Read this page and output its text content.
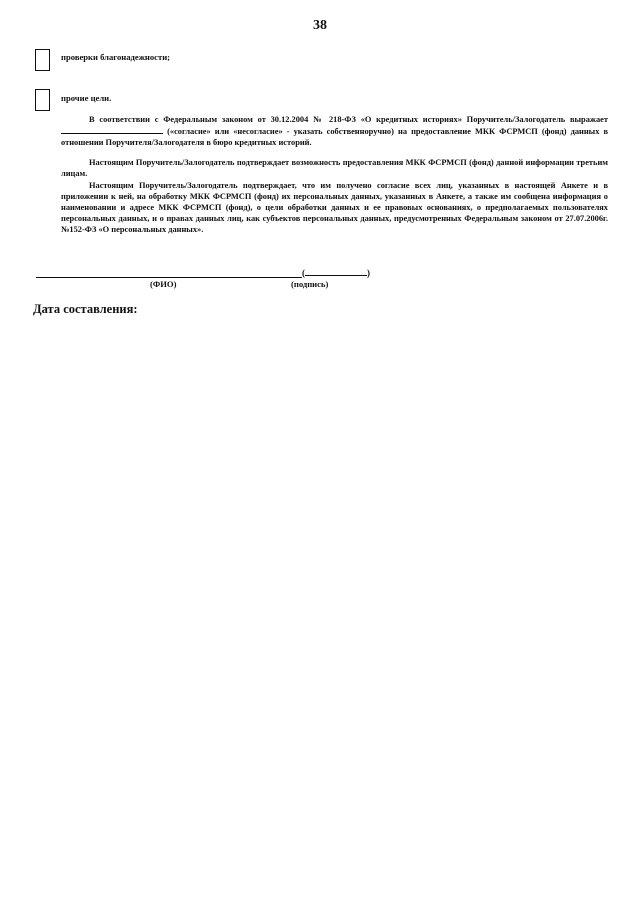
38
проверки благонадежности;
прочие цели.
В соответствии с Федеральным законом от 30.12.2004 № 218-ФЗ «О кредитных историях» Поручитель/Залогодатель выражает  («согласие» или «несогласие» - указать собственноручно) на предоставление МКК ФСРМСП (фонд) данных в отношении Поручителя/Залогодателя в бюро кредитных историй.
Настоящим Поручитель/Залогодатель подтверждает возможность предоставления МКК ФСРМСП (фонд) данной информации третьим лицам.
Настоящим Поручитель/Залогодатель подтверждает, что им получено согласие всех лиц, указанных в настоящей Анкете и в приложении к ней, на обработку МКК ФСРМСП (фонд) их персональных данных, указанных в Анкете, а также им сообщена информация о наименовании и адресе МКК ФСРМСП (фонд), о цели обработки данных и ее правовых основаниях, о предполагаемых пользователях персональных данных, и о правах данных лиц, как субъектов персональных данных, предусмотренных Федеральным законом от 27.07.2006г. №152-ФЗ «О персональных данных».
(	)
(ФИО)	(подпись)
Дата составления:
